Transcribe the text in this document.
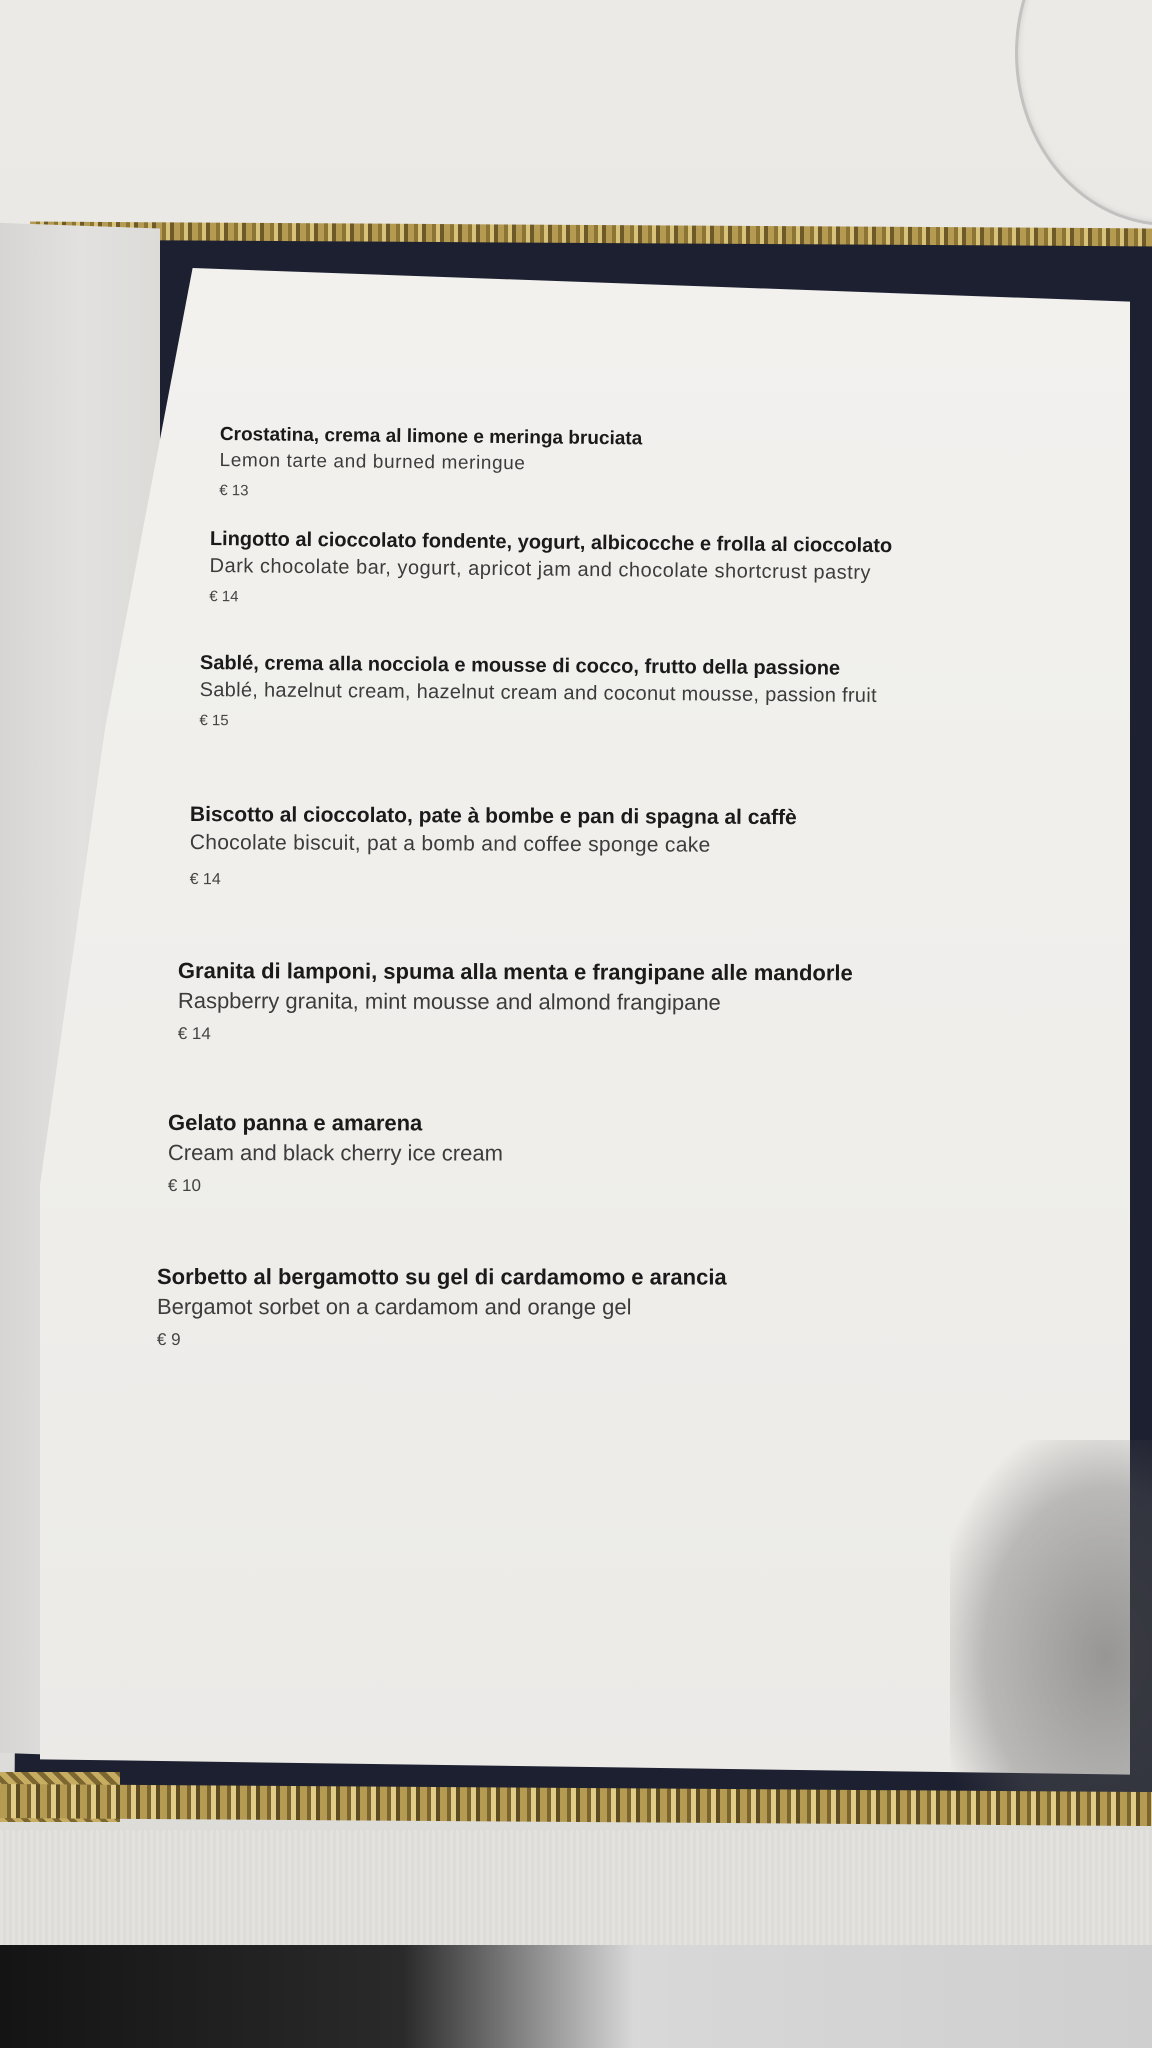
Crostatina, crema al limone e meringa bruciata
Lemon tarte and burned meringue
€ 13
Lingotto al cioccolato fondente, yogurt, albicocche e frolla al cioccolato
Dark chocolate bar, yogurt, apricot jam and chocolate shortcrust pastry
€ 14
Sablé, crema alla nocciola e mousse di cocco, frutto della passione
Sablé, hazelnut cream, hazelnut cream and coconut mousse, passion fruit
€ 15
Biscotto al cioccolato, pate à bombe e pan di spagna al caffè
Chocolate biscuit, pat a bomb and coffee sponge cake
€ 14
Granita di lamponi, spuma alla menta e frangipane alle mandorle
Raspberry granita, mint mousse and almond frangipane
€ 14
Gelato panna e amarena
Cream and black cherry ice cream
€ 10
Sorbetto al bergamotto su gel di cardamomo e arancia
Bergamot sorbet on a cardamom and orange gel
€ 9
